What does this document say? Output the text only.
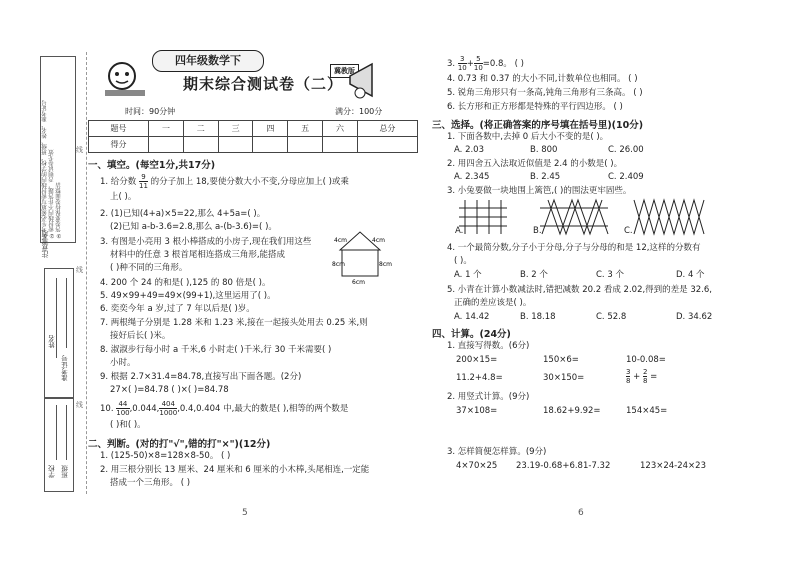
①考生必须填写密封线内的学校、班级、姓名、准考证号 ②密封线内不许答题，否则试卷无效 ③答卷要保持卷面整洁
注意事项
线
线
线
姓名
准考证号
学校 班级
四年级数学下
冀教版
期末综合测试卷（二）
时间：90分钟	满分：100分
题号	一	二	三	四	五	六	总分
得分							
一、填空。(每空1分,共17分)
1. 给分数 $\frac{9}{11}$ 的分子加上 18,要使分数大小不变,分母应加上( )或乘
上( )。
2. (1)已知(4+a)×5=22,那么 4+5a=( )。
(2)已知 a-b-3.6=2.8,那么 a-(b-3.6)=( )。
3. 有图是小亮用 3 根小棒搭成的小房子,现在我们用这些
材料中的任意 3 根首尾相连搭成三角形,能搭成
( )种不同的三角形。
4cm	4cm
8cm	8cm
6cm
4. 200 个 24 的和是( ),125 的 80 倍是( )。
5. 49×99+49=49×(99+1),这里运用了( )。
6. 奕奕今年 a 岁,过了 7 年以后是( )岁。
7. 两根绳子分别是 1.28 米和 1.23 米,接在一起接头处用去 0.25 米,则
接好后长( )米。
8. 淑淑步行每小时 a 千米,6 小时走( )千米,行 30 千米需要( )
小时。
9. 根据 2.7×31.4=84.78,直接写出下面各题。(2分)
27×( )=84.78 ( )×( )=84.78
10. $\frac{44}{100} ,0.044$, $\frac{404}{1000} ,0.4,0.404$ 中,最大的数是( ),相等的两个数是
( )和( )。
二、判断。(对的打"√",错的打"×")(12分)
1. (125-50)×8=128×8-50。 ( )
2. 用三根分别长 13 厘米、24 厘米和 6 厘米的小木棒,头尾相连,一定能
搭成一个三角形。 ( )
5
3. $\frac{3}{10} + \frac{5}{10} =0.8$。 ( )
4. 0.73 和 0.37 的大小不同,计数单位也相同。 ( )
5. 锐角三角形只有一条高,钝角三角形有三条高。 ( )
6. 长方形和正方形都是特殊的平行四边形。 ( )
三、选择。(将正确答案的序号填在括号里)(10分)
1. 下面各数中,去掉 0 后大小不变的是( )。
A. 2.03	B. 800	C. 26.00
2. 用四舍五入法取近似值是 2.4 的小数是( )。
A. 2.345	B. 2.45	C. 2.409
3. 小兔要做一块地围上篱笆,( )的围法更牢固些。
A.	B.	C.
4. 一个最简分数,分子小于分母,分子与分母的和是 12,这样的分数有
( )。
A. 1 个	B. 2 个	C. 3 个	D. 4 个
5. 小青在计算小数减法时,错把减数 20.2 看成 2.02,得到的差是 32.6,
正确的差应该是( )。
A. 14.42	B. 18.18	C. 52.8	D. 34.62
四、计算。(24分)
1. 直接写得数。(6分)
200×15=	150×6=	10-0.08=
11.2+4.8=	30×150=	$\frac{3}{8} + \frac{2}{8}$ =
2. 用竖式计算。(9分)
37×108=	18.62+9.92=	154×45=
3. 怎样简便怎样算。(9分)
4×70×25 23.19-0.68+6.81-7.32	123×24-24×23
6
